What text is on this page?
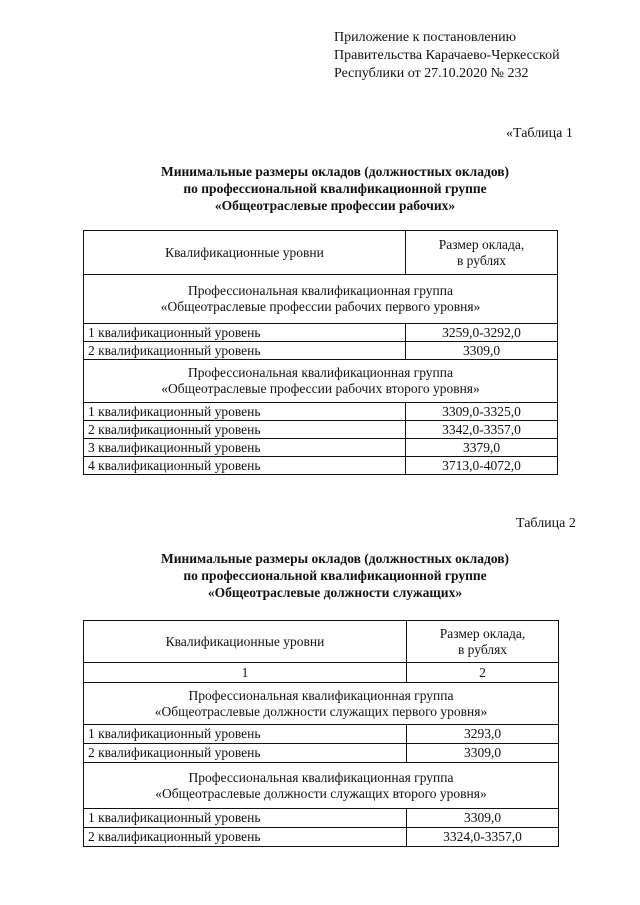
Приложение к постановлению
Правительства Карачаево-Черкесской
Республики от 27.10.2020 № 232
«Таблица 1
Минимальные размеры окладов (должностных окладов)
по профессиональной квалификационной группе
«Общеотраслевые профессии рабочих»
Квалификационные уровни	Размер оклада,
в рублях

Профессиональная квалификационная группа
«Общеотраслевые профессии рабочих первого уровня»	

1 квалификационный уровень	3259,0-3292,0
2 квалификационный уровень	3309,0

Профессиональная квалификационная группа
«Общеотраслевые профессии рабочих второго уровня»	

1 квалификационный уровень	3309,0-3325,0
2 квалификационный уровень	3342,0-3357,0
3 квалификационный уровень	3379,0
4 квалификационный уровень	3713,0-4072,0
Таблица 2
Минимальные размеры окладов (должностных окладов)
по профессиональной квалификационной группе
«Общеотраслевые должности служащих»
Квалификационные уровни	Размер оклада,
в рублях

1	2

Профессиональная квалификационная группа
«Общеотраслевые должности служащих первого уровня»	

1 квалификационный уровень	3293,0
2 квалификационный уровень	3309,0

Профессиональная квалификационная группа
«Общеотраслевые должности служащих второго уровня»	

1 квалификационный уровень	3309,0
2 квалификационный уровень	3324,0-3357,0
